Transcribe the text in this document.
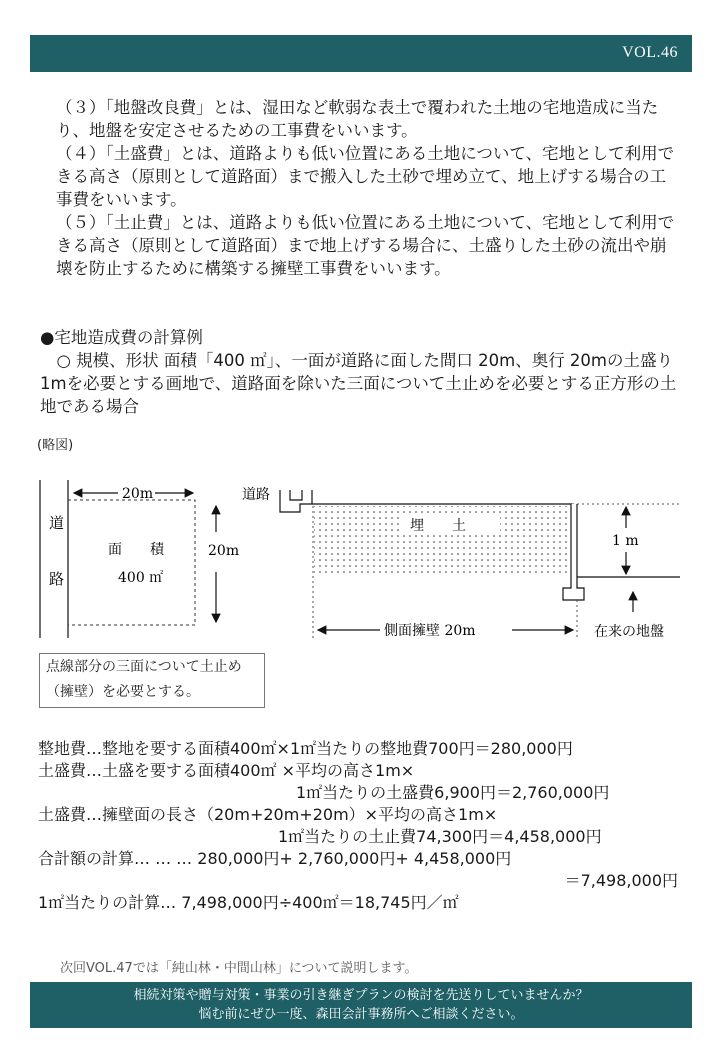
VOL.46

（３）「地盤改良費」とは、湿田など軟弱な表土で覆われた土地の宅地造成に当たり、地盤を安定させるための工事費をいいます。

（４）「土盛費」とは、道路よりも低い位置にある土地について、宅地として利用できる高さ（原則として道路面）まで搬入した土砂で埋め立て、地上げする場合の工事費をいいます。

（５）「土止費」とは、道路よりも低い位置にある土地について、宅地として利用できる高さ（原則として道路面）まで地上げする場合に、土盛りした土砂の流出や崩壊を防止するために構築する擁壁工事費をいいます。

●宅地造成費の計算例

○ 規模、形状 面積「400 ㎡」、一面が道路に面した間口 20m、奥行 20mの土盛り 1mを必要とする画地で、道路面を除いた三面について土止めを必要とする正方形の土地である場合

(略図)
道
路
20m
20m
面　　積
400 ㎡
道路
埋　　土
1 m
側面擁壁 20m	在来の地盤
点線部分の三面について土止め（擁壁）を必要とする。

整地費…整地を要する面積400㎡×1㎡当たりの整地費700円＝280,000円

土盛費…土盛を要する面積400㎡ ×平均の高さ1m×

1㎡当たりの土盛費6,900円＝2,760,000円

土盛費…擁壁面の長さ（20m+20m+20m）×平均の高さ1m×

1㎡当たりの土止費74,300円＝4,458,000円

合計額の計算… … … 280,000円+ 2,760,000円+ 4,458,000円

＝7,498,000円

1㎡当たりの計算… 7,498,000円÷400㎡＝18,745円／㎡

次回VOL.47では「純山林・中間山林」について説明します。

相続対策や贈与対策・事業の引き継ぎプランの検討を先送りしていませんか？

悩む前にぜひ一度、森田会計事務所へご相談ください。
